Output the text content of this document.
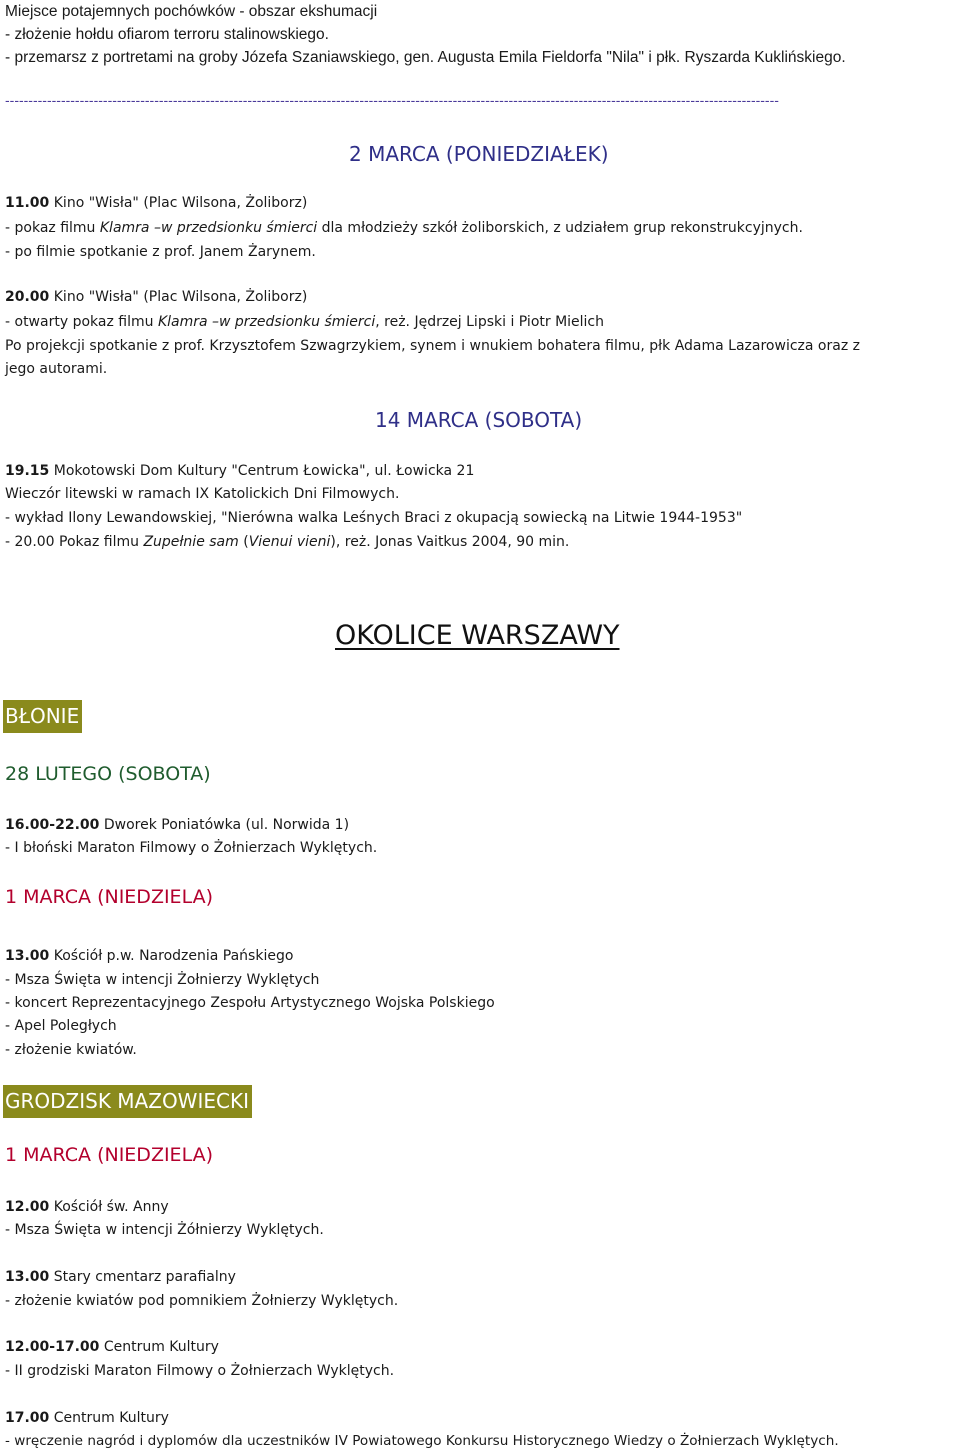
Miejsce potajemnych pochówków - obszar ekshumacji
- złożenie hołdu ofiarom terroru stalinowskiego.
- przemarsz z portretami na groby Józefa Szaniawskiego, gen. Augusta Emila Fieldorfa "Nila" i płk. Ryszarda Kuklińskiego.
----------------------------------------------------------------------------------------------------------------------------------------------------------------------
2 MARCA (PONIEDZIAŁEK)
11.00 Kino "Wisła" (Plac Wilsona, Żoliborz)
- pokaz filmu Klamra –w przedsionku śmierci dla młodzieży szkół żoliborskich, z udziałem grup rekonstrukcyjnych.
- po filmie spotkanie z prof. Janem Żarynem.
20.00 Kino "Wisła" (Plac Wilsona, Żoliborz)
- otwarty pokaz filmu Klamra –w przedsionku śmierci, reż. Jędrzej Lipski i Piotr Mielich
Po projekcji spotkanie z prof. Krzysztofem Szwagrzykiem, synem i wnukiem bohatera filmu, płk Adama Lazarowicza oraz z
jego autorami.
14 MARCA (SOBOTA)
19.15 Mokotowski Dom Kultury "Centrum Łowicka", ul. Łowicka 21
Wieczór litewski w ramach IX Katolickich Dni Filmowych.
- wykład Ilony Lewandowskiej, "Nierówna walka Leśnych Braci z okupacją sowiecką na Litwie 1944-1953"
- 20.00 Pokaz filmu Zupełnie sam (Vienui vieni), reż. Jonas Vaitkus 2004, 90 min.
OKOLICE WARSZAWY
BŁONIE
28 LUTEGO (SOBOTA)
16.00-22.00 Dworek Poniatówka (ul. Norwida 1)
- I błoński Maraton Filmowy o Żołnierzach Wyklętych.
1 MARCA (NIEDZIELA)
13.00 Kościół p.w. Narodzenia Pańskiego
- Msza Święta w intencji Żołnierzy Wyklętych
- koncert Reprezentacyjnego Zespołu Artystycznego Wojska Polskiego
- Apel Poległych
- złożenie kwiatów.
GRODZISK MAZOWIECKI
1 MARCA (NIEDZIELA)
12.00 Kościół św. Anny
- Msza Święta w intencji Żółnierzy Wyklętych.
13.00 Stary cmentarz parafialny
- złożenie kwiatów pod pomnikiem Żołnierzy Wyklętych.
12.00-17.00 Centrum Kultury
- II grodziski Maraton Filmowy o Żołnierzach Wyklętych.
17.00 Centrum Kultury
- wręczenie nagród i dyplomów dla uczestników IV Powiatowego Konkursu Historycznego Wiedzy o Żołnierzach Wyklętych.
